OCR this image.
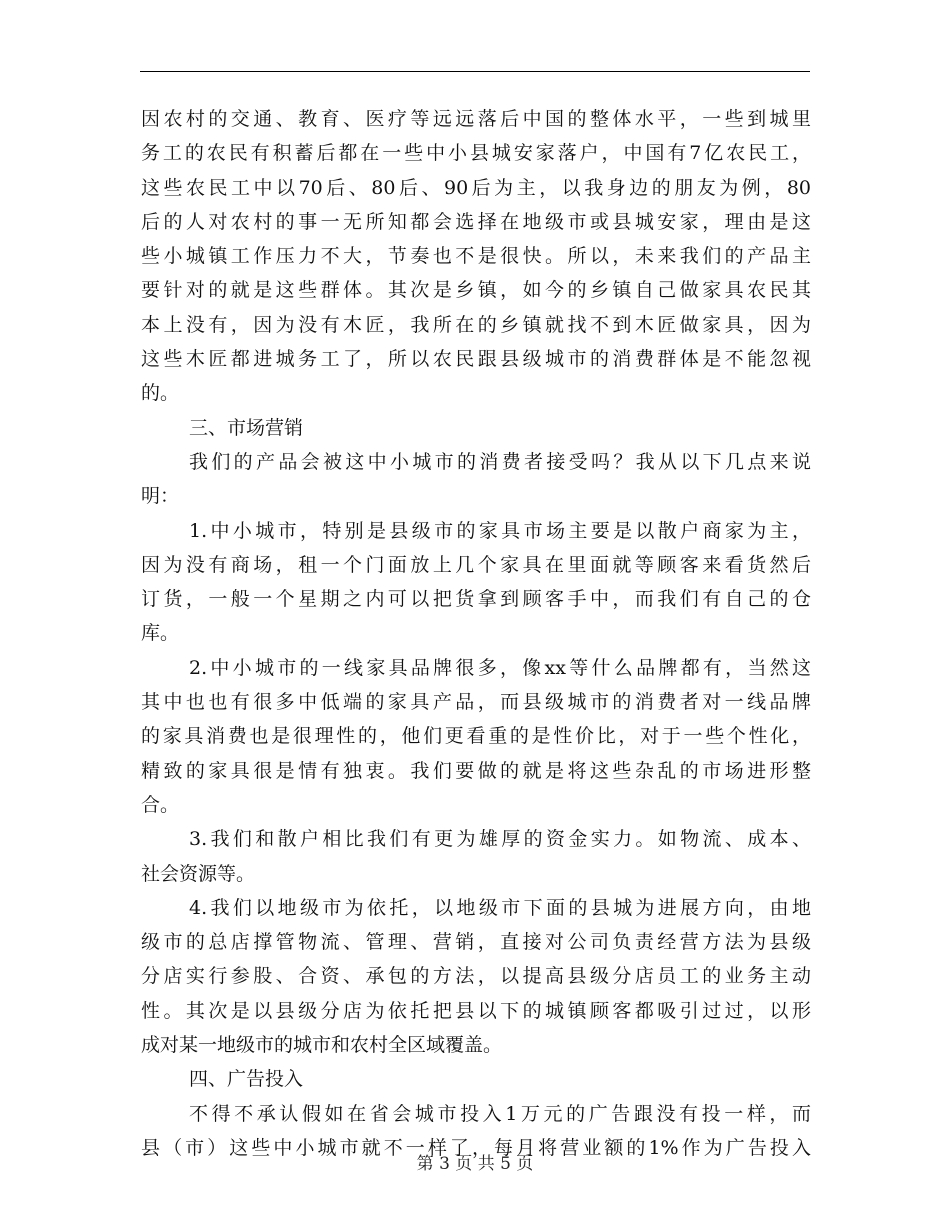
因农村的交通、教育、医疗等远远落后中国的整体水平，一些到城里
务工的农民有积蓄后都在一些中小县城安家落户，中国有7亿农民工，
这些农民工中以70后、80后、90后为主，以我身边的朋友为例，80
后的人对农村的事一无所知都会选择在地级市或县城安家，理由是这
些小城镇工作压力不大，节奏也不是很快。所以，未来我们的产品主
要针对的就是这些群体。其次是乡镇，如今的乡镇自己做家具农民其
本上没有，因为没有木匠，我所在的乡镇就找不到木匠做家具，因为
这些木匠都进城务工了，所以农民跟县级城市的消费群体是不能忽视
的。
三、市场营销
我们的产品会被这中小城市的消费者接受吗？我从以下几点来说
明：
1.中小城市，特别是县级市的家具市场主要是以散户商家为主，
因为没有商场，租一个门面放上几个家具在里面就等顾客来看货然后
订货，一般一个星期之内可以把货拿到顾客手中，而我们有自己的仓
库。
2.中小城市的一线家具品牌很多，像xx等什么品牌都有，当然这
其中也也有很多中低端的家具产品，而县级城市的消费者对一线品牌
的家具消费也是很理性的，他们更看重的是性价比，对于一些个性化，
精致的家具很是情有独衷。我们要做的就是将这些杂乱的市场进形整
合。
3.我们和散户相比我们有更为雄厚的资金实力。如物流、成本、
社会资源等。
4.我们以地级市为依托，以地级市下面的县城为进展方向，由地
级市的总店撑管物流、管理、营销，直接对公司负责经营方法为县级
分店实行参股、合资、承包的方法，以提高县级分店员工的业务主动
性。其次是以县级分店为依托把县以下的城镇顾客都吸引过过，以形
成对某一地级市的城市和农村全区域覆盖。
四、广告投入
不得不承认假如在省会城市投入1万元的广告跟没有投一样，而
县（市）这些中小城市就不一样了，每月将营业额的1%作为广告投入
第 3 页 共 5 页
